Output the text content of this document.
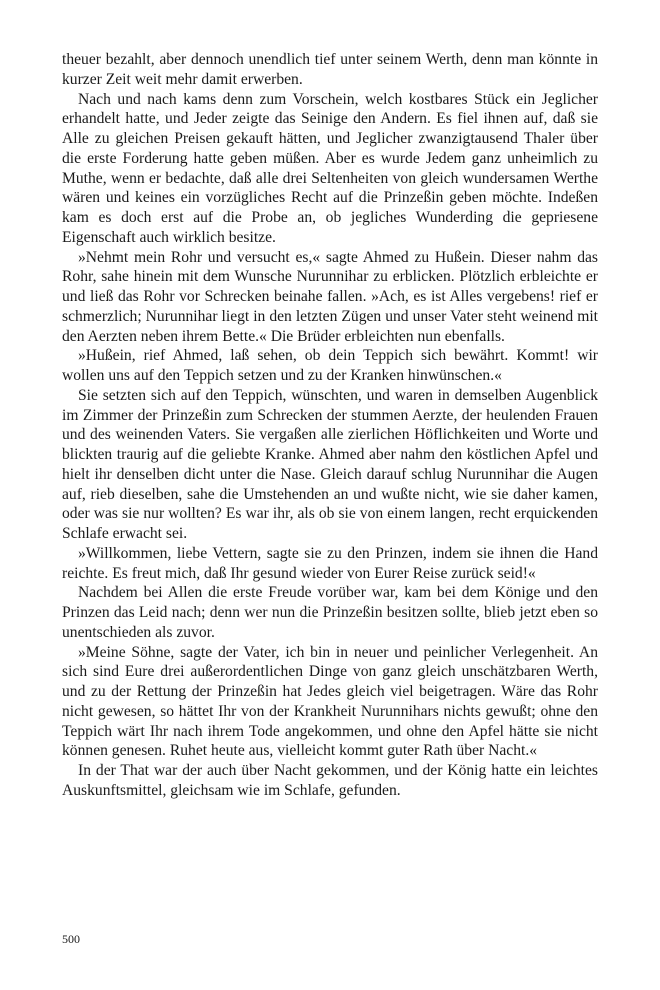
theuer bezahlt, aber dennoch unendlich tief unter seinem Werth, denn man könnte in kurzer Zeit weit mehr damit erwerben.

Nach und nach kams denn zum Vorschein, welch kostbares Stück ein Jeglicher erhandelt hatte, und Jeder zeigte das Seinige den Andern. Es fiel ihnen auf, daß sie Alle zu gleichen Preisen gekauft hätten, und Jeglicher zwanzigtausend Thaler über die erste Forderung hatte geben müßen. Aber es wurde Jedem ganz unheimlich zu Muthe, wenn er bedachte, daß alle drei Seltenheiten von gleich wundersamen Werthe wären und keines ein vorzügliches Recht auf die Prinzeßin geben möchte. Indeßen kam es doch erst auf die Probe an, ob jegliches Wunderding die gepriesene Eigenschaft auch wirklich besitze.

»Nehmt mein Rohr und versucht es,« sagte Ahmed zu Hußein. Dieser nahm das Rohr, sahe hinein mit dem Wunsche Nurunnihar zu erblicken. Plötzlich erbleichte er und ließ das Rohr vor Schrecken beinahe fallen. »Ach, es ist Alles vergebens! rief er schmerzlich; Nurunnihar liegt in den letzten Zügen und unser Vater steht weinend mit den Aerzten neben ihrem Bette.« Die Brüder erbleichten nun ebenfalls.

»Hußein, rief Ahmed, laß sehen, ob dein Teppich sich bewährt. Kommt! wir wollen uns auf den Teppich setzen und zu der Kranken hinwünschen.«

Sie setzten sich auf den Teppich, wünschten, und waren in demselben Augenblick im Zimmer der Prinzeßin zum Schrecken der stummen Aerzte, der heulenden Frauen und des weinenden Vaters. Sie vergaßen alle zierlichen Höflichkeiten und Worte und blickten traurig auf die geliebte Kranke. Ahmed aber nahm den köstlichen Apfel und hielt ihr denselben dicht unter die Nase. Gleich darauf schlug Nurunnihar die Augen auf, rieb dieselben, sahe die Umstehenden an und wußte nicht, wie sie daher kamen, oder was sie nur wollten? Es war ihr, als ob sie von einem langen, recht erquickenden Schlafe erwacht sei.

»Willkommen, liebe Vettern, sagte sie zu den Prinzen, indem sie ihnen die Hand reichte. Es freut mich, daß Ihr gesund wieder von Eurer Reise zurück seid!«

Nachdem bei Allen die erste Freude vorüber war, kam bei dem Könige und den Prinzen das Leid nach; denn wer nun die Prinzeßin besitzen sollte, blieb jetzt eben so unentschieden als zuvor.

»Meine Söhne, sagte der Vater, ich bin in neuer und peinlicher Verlegenheit. An sich sind Eure drei außerordentlichen Dinge von ganz gleich unschätzbaren Werth, und zu der Rettung der Prinzeßin hat Jedes gleich viel beigetragen. Wäre das Rohr nicht gewesen, so hättet Ihr von der Krankheit Nurunnihars nichts gewußt; ohne den Teppich wärt Ihr nach ihrem Tode angekommen, und ohne den Apfel hätte sie nicht können genesen. Ruhet heute aus, vielleicht kommt guter Rath über Nacht.«

In der That war der auch über Nacht gekommen, und der König hatte ein leichtes Auskunftsmittel, gleichsam wie im Schlafe, gefunden.

500
